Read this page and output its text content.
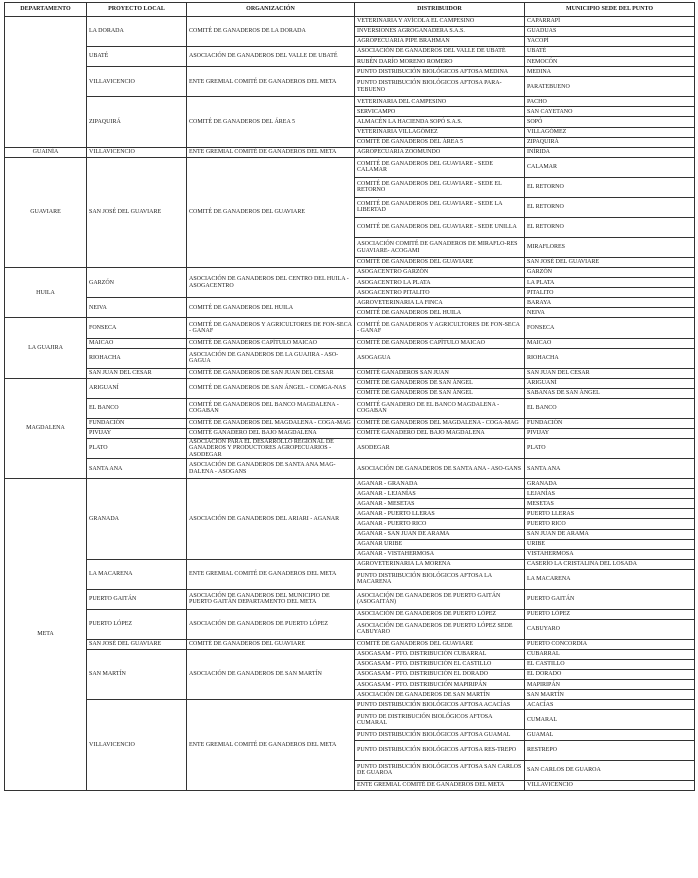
DEPARTAMENTO	PROYECTO LOCAL	ORGANIZACIÓN	DISTRIBUIDOR	MUNICIPIO SEDE DEL PUNTO
	LA DORADA	COMITÉ DE GANADEROS DE LA DORADA	VETERINARIA Y AVÍCOLA EL CAMPESINO	CAPARRAPÍ
			INVERSIONES AGROGANADERA S.A.S.	GUADUAS
			AGROPECUARIA PIPE BRAHMAN	YACOPÍ
	UBATÉ	ASOCIACIÓN DE GANADEROS DEL VALLE DE UBATÉ	ASOCIACIÓN DE GANADEROS DEL VALLE DE UBATÉ	UBATÉ
			RUBÉN DARÍO MORENO ROMERO	NEMOCÓN
	VILLAVICENCIO	ENTE GREMIAL COMITÉ DE GANADEROS DEL META	PUNTO DISTRIBUCIÓN BIOLÓGICOS AFTOSA MEDINA	MEDINA
			PUNTO DISTRIBUCIÓN BIOLÓGICOS AFTOSA PARA-TEBUENO	PARATEBUENO
	ZIPAQUIRÁ	COMITÉ DE GANADEROS DEL ÁREA 5	VETERINARIA DEL CAMPESINO	PACHO
			SERVICAMPO	SAN CAYETANO
			ALMACÉN LA HACIENDA SOPÓ S.A.S.	SOPÓ
			VETERINARIA VILLAGÓMEZ	VILLAGÓMEZ
			COMITÉ DE GANADEROS DEL ÁREA 5	ZIPAQUIRÁ
GUAINÍA	VILLAVICENCIO	ENTE GREMIAL COMITÉ DE GANADEROS DEL META	AGROPECUARIA ZOOMUNDO	INÍRIDA
GUAVIARE	SAN JOSÉ DEL GUAVIARE	COMITÉ DE GANADEROS DEL GUAVIARE	COMITÉ DE GANADEROS DEL GUAVIARE - SEDE CALAMAR	CALAMAR
			COMITÉ DE GANADEROS DEL GUAVIARE - SEDE EL RETORNO	EL RETORNO
			COMITÉ DE GANADEROS DEL GUAVIARE - SEDE LA LIBERTAD	EL RETORNO
			COMITÉ DE GANADEROS DEL GUAVIARE - SEDE UNILLA	EL RETORNO
			ASOCIACIÓN COMITÉ DE GANADEROS DE MIRAFLO-RES GUAVIARE- ACOGAMI	MIRAFLORES
			COMITÉ DE GANADEROS DEL GUAVIARE	SAN JOSÉ DEL GUAVIARE
HUILA	GARZÓN	ASOCIACIÓN DE GANADEROS DEL CENTRO DEL HUILA - ASOGACENTRO	ASOGACENTRO GARZÓN	GARZÓN
			ASOGACENTRO LA PLATA	LA PLATA
			ASOGACENTRO PITALITO	PITALITO
	NEIVA	COMITÉ DE GANADEROS DEL HUILA	AGROVETERINARIA LA FINCA	BARAYA
			COMITÉ DE GANADEROS DEL HUILA	NEIVA
LA GUAJIRA	FONSECA	COMITÉ DE GANADEROS Y AGRICULTORES DE FON-SECA - GANAF	COMITÉ DE GANADEROS Y AGRICULTORES DE FON-SECA - GANAF	FONSECA
	MAICAO	COMITÉ DE GANADEROS CAPÍTULO MAICAO	COMITÉ DE GANADEROS CAPÍTULO MAICAO	MAICAO
	RIOHACHA	ASOCIACIÓN DE GANADEROS DE LA GUAJIRA - ASO-GAGUA	ASOGAGUA	RIOHACHA
	SAN JUAN DEL CESAR	COMITÉ DE GANADEROS DE SAN JUAN DEL CESAR	COMITÉ GANADEROS SAN JUAN	SAN JUAN DEL CESAR
MAGDALENA	ARIGUANÍ	COMITÉ DE GANADEROS DE SAN ÁNGEL - COMGA-NAS	COMITÉ DE GANADEROS DE SAN ÁNGEL	ARIGUANÍ
			COMITÉ DE GANADEROS DE SAN ÁNGEL	SABANAS DE SAN ÁNGEL
	EL BANCO	COMITÉ DE GANADEROS DEL BANCO MAGDALENA - COGABAN	COMITÉ GANADERO DE EL BANCO MAGDALENA - COGABAN	EL BANCO
	FUNDACIÓN	COMITÉ DE GANADEROS DEL MAGDALENA - COGA-MAG	COMITÉ DE GANADEROS DEL MAGDALENA - COGA-MAG	FUNDACIÓN
	PIVIJAY	COMITÉ GANADERO DEL BAJO MAGDALENA	COMITÉ GANADERO DEL BAJO MAGDALENA	PIVIJAY
	PLATO	ASOCIACIÓN PARA EL DESARROLLO REGIONAL DE GANADEROS Y PRODUCTORES AGROPECUARIOS - ASODEGAR	ASODEGAR	PLATO
	SANTA ANA	ASOCIACIÓN DE GANADEROS DE SANTA ANA MAG-DALENA - ASOGANS	ASOCIACIÓN DE GANADEROS DE SANTA ANA - ASO-GANS	SANTA ANA
META	GRANADA	ASOCIACIÓN DE GANADEROS DEL ARIARI - AGANAR	AGANAR - GRANADA	GRANADA
			AGANAR - LEJANÍAS	LEJANÍAS
			AGANAR - MESETAS	MESETAS
			AGANAR - PUERTO LLERAS	PUERTO LLERAS
			AGANAR - PUERTO RICO	PUERTO RICO
			AGANAR - SAN JUAN DE ARAMA	SAN JUAN DE ARAMA
			AGANAR URIBE	URIBE
			AGANAR - VISTAHERMOSA	VISTAHERMOSA
	LA MACARENA	ENTE GREMIAL COMITÉ DE GANADEROS DEL META	AGROVETERINARIA LA MORENA	CASERÍO LA CRISTALINA DEL LOSADA
			PUNTO DISTRIBUCIÓN BIOLÓGICOS AFTOSA LA MACARENA	LA MACARENA
	PUERTO GAITÁN	ASOCIACIÓN DE GANADEROS DEL MUNICIPIO DE PUERTO GAITÁN DEPARTAMENTO DEL META	ASOCIACIÓN DE GANADEROS DE PUERTO GAITÁN (ASOGAITÁN)	PUERTO GAITÁN
	PUERTO LÓPEZ	ASOCIACIÓN DE GANADEROS DE PUERTO LÓPEZ	ASOCIACIÓN DE GANADEROS DE PUERTO LÓPEZ	PUERTO LÓPEZ
			ASOCIACIÓN DE GANADEROS DE PUERTO LÓPEZ SEDE CABUYARO	CABUYARO
	SAN JOSÉ DEL GUAVIARE	COMITÉ DE GANADEROS DEL GUAVIARE	COMITÉ DE GANADEROS DEL GUAVIARE	PUERTO CONCORDIA
	SAN MARTÍN	ASOCIACIÓN DE GANADEROS DE SAN MARTÍN	ASOGASAM - PTO. DISTRIBUCIÓN CUBARRAL	CUBARRAL
			ASOGASAM - PTO. DISTRIBUCIÓN EL CASTILLO	EL CASTILLO
			ASOGASAM - PTO. DISTRIBUCIÓN EL DORADO	EL DORADO
			ASOGASAM - PTO. DISTRIBUCIÓN MAPIRIPÁN	MAPIRIPÁN
			ASOCIACIÓN DE GANADEROS DE SAN MARTÍN	SAN MARTÍN
	VILLAVICENCIO	ENTE GREMIAL COMITÉ DE GANADEROS DEL META	PUNTO DISTRIBUCIÓN BIOLÓGICOS AFTOSA ACACÍAS	ACACÍAS
			PUNTO DE DISTRIBUCIÓN BIOLÓGICOS AFTOSA CUMARAL	CUMARAL
			PUNTO DISTRIBUCIÓN BIOLÓGICOS AFTOSA GUAMAL	GUAMAL
			PUNTO DISTRIBUCIÓN BIOLÓGICOS AFTOSA RES-TREPO	RESTREPO
			PUNTO DISTRIBUCIÓN BIOLÓGICOS AFTOSA SAN CARLOS DE GUAROA	SAN CARLOS DE GUAROA
			ENTE GREMIAL COMITÉ DE GANADEROS DEL META	VILLAVICENCIO
